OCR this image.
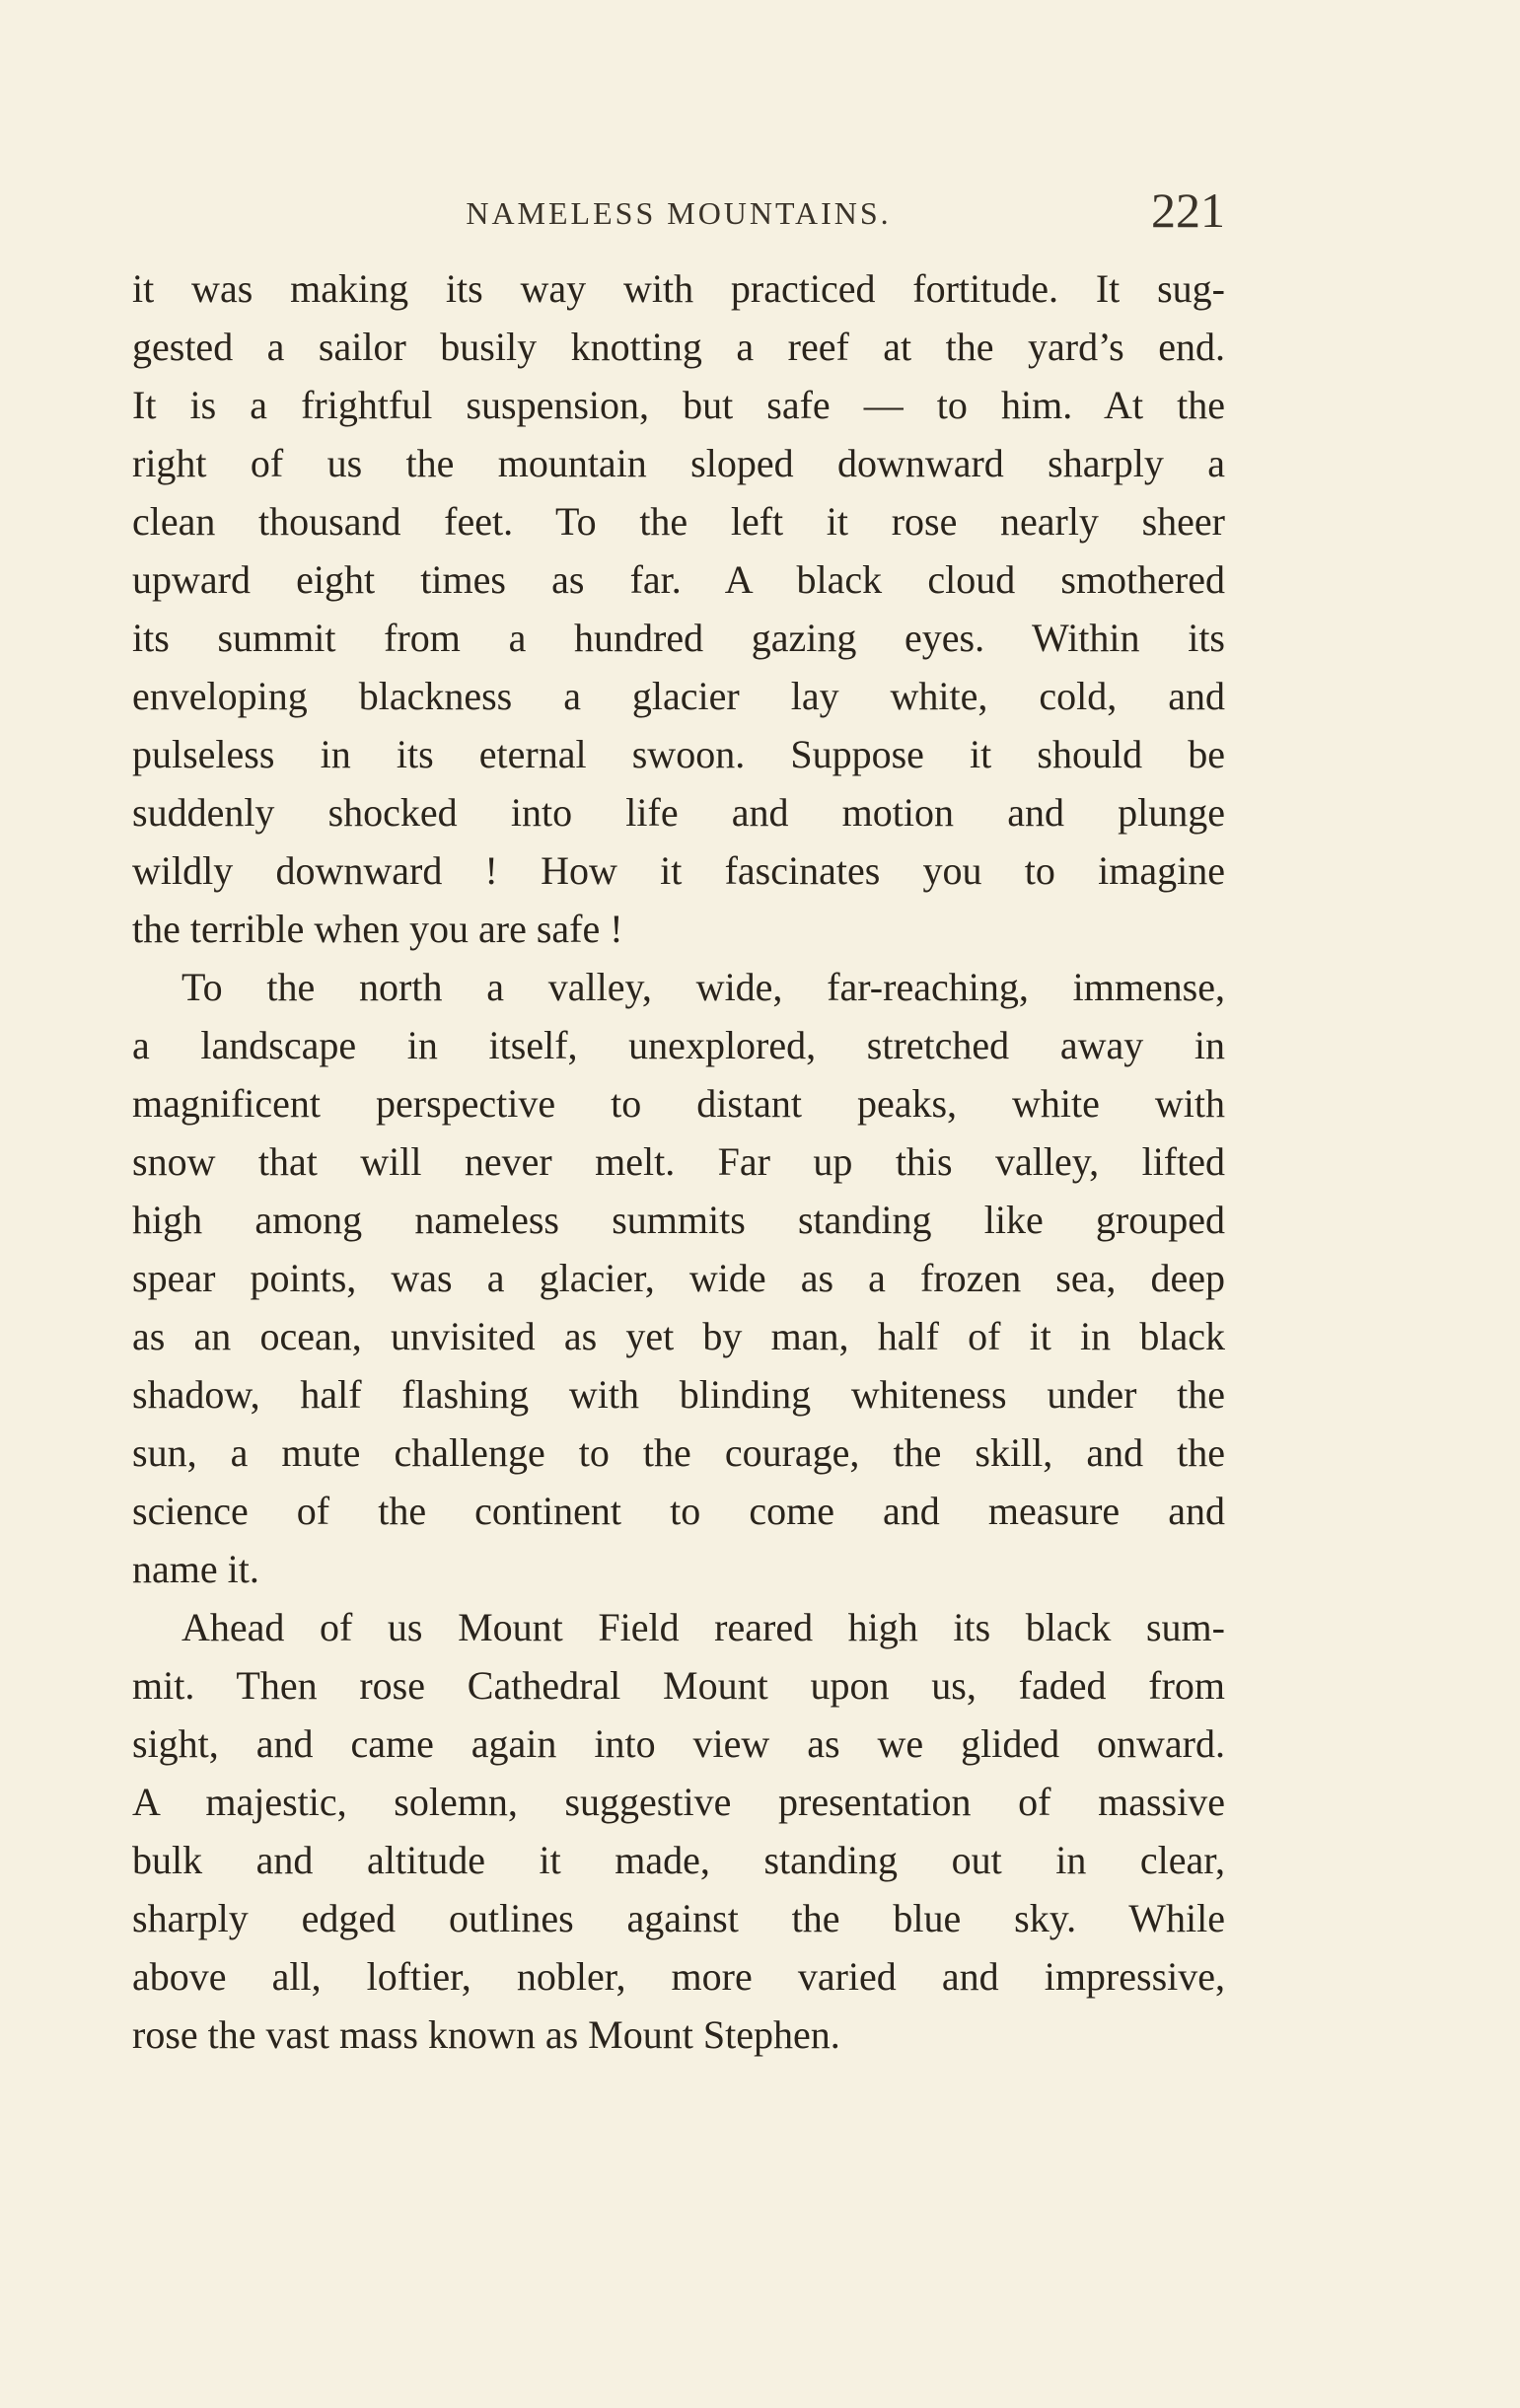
NAMELESS MOUNTAINS.	221
it was making its way with practiced fortitude. It sug-
gested a sailor busily knotting a reef at the yard’s end.
It is a frightful suspension, but safe — to him. At the
right of us the mountain sloped downward sharply a
clean thousand feet. To the left it rose nearly sheer
upward eight times as far. A black cloud smothered
its summit from a hundred gazing eyes. Within its
enveloping blackness a glacier lay white, cold, and
pulseless in its eternal swoon. Suppose it should be
suddenly shocked into life and motion and plunge
wildly downward ! How it fascinates you to imagine
the terrible when you are safe !
To the north a valley, wide, far-reaching, immense,
a landscape in itself, unexplored, stretched away in
magnificent perspective to distant peaks, white with
snow that will never melt. Far up this valley, lifted
high among nameless summits standing like grouped
spear points, was a glacier, wide as a frozen sea, deep
as an ocean, unvisited as yet by man, half of it in black
shadow, half flashing with blinding whiteness under the
sun, a mute challenge to the courage, the skill, and the
science of the continent to come and measure and
name it.
Ahead of us Mount Field reared high its black sum-
mit. Then rose Cathedral Mount upon us, faded from
sight, and came again into view as we glided onward.
A majestic, solemn, suggestive presentation of massive
bulk and altitude it made, standing out in clear,
sharply edged outlines against the blue sky. While
above all, loftier, nobler, more varied and impressive,
rose the vast mass known as Mount Stephen.
